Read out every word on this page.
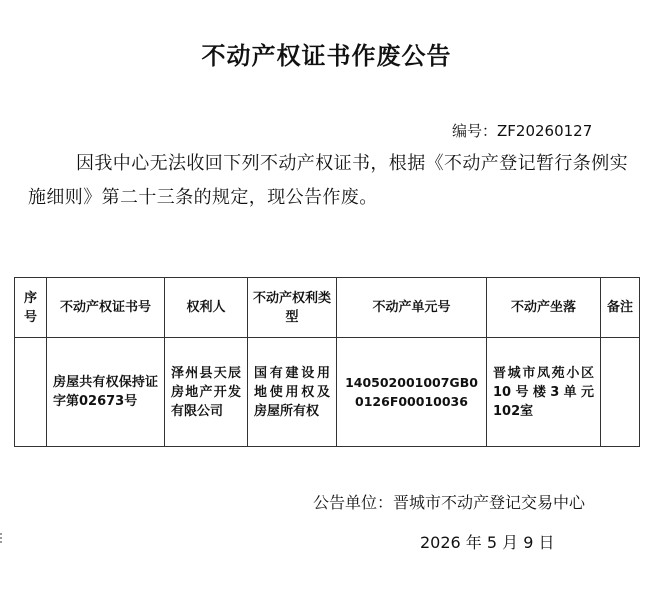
不动产权证书作废公告
编号：ZF20260127
因我中心无法收回下列不动产权证书，根据《不动产登记暂行条例实施细则》第二十三条的规定，现公告作废。
序号	不动产权证书号	权利人	不动产权利类型	不动产单元号	不动产坐落	备注
	房屋共有权保持证字第02673号	泽州县天辰房地产开发有限公司	国有建设用地使用权及房屋所有权	140502001007GB00126F00010036	晋城市凤苑小区10号楼3单元102室	
公告单位：晋城市不动产登记交易中心
2026 年 5 月 9 日
